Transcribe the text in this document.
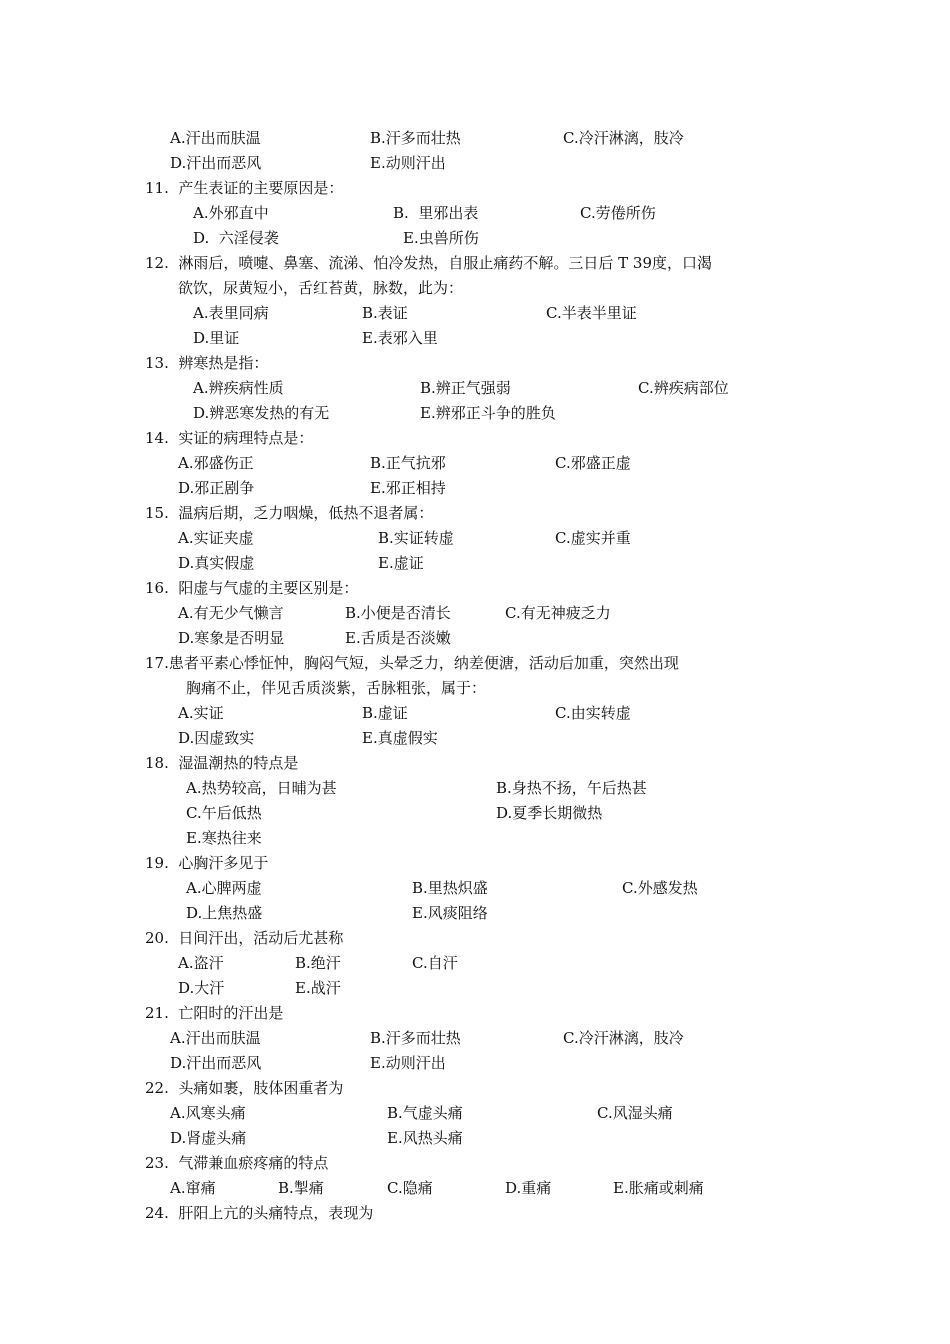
A.汗出而肤温	B.汗多而壮热	C.冷汗淋漓，肢冷
D.汗出而恶风	E.动则汗出
11.  产生表证的主要原因是：
A.外邪直中	B.  里邪出表	C.劳倦所伤
D.  六淫侵袭	E.虫兽所伤
12.  淋雨后，喷嚏、鼻塞、流涕、怕冷发热，自服止痛药不解。三日后 T 39度，口渴
欲饮，尿黄短小，舌红苔黄，脉数，此为：
A.表里同病	B.表证	C.半表半里证
D.里证	E.表邪入里
13.  辨寒热是指：
A.辨疾病性质	B.辨正气强弱	C.辨疾病部位
D.辨恶寒发热的有无	E.辨邪正斗争的胜负
14.  实证的病理特点是：
A.邪盛伤正	B.正气抗邪	C.邪盛正虚
D.邪正剧争	E.邪正相持
15.  温病后期，乏力咽燥，低热不退者属：
A.实证夹虚	B.实证转虚	C.虚实并重
D.真实假虚	E.虚证
16.  阳虚与气虚的主要区别是：
A.有无少气懒言	B.小便是否清长	C.有无神疲乏力
D.寒象是否明显	E.舌质是否淡嫩
17.患者平素心悸怔忡，胸闷气短，头晕乏力，纳差便溏，活动后加重，突然出现
胸痛不止，伴见舌质淡紫，舌脉粗张，属于：
A.实证	B.虚证	C.由实转虚
D.因虚致实	E.真虚假实
18.  湿温潮热的特点是
A.热势较高，日晡为甚	B.身热不扬，午后热甚
C.午后低热	D.夏季长期微热
E.寒热往来
19.  心胸汗多见于
A.心脾两虚	B.里热炽盛	C.外感发热
D.上焦热盛	E.风痰阻络
20.  日间汗出，活动后尤甚称
A.盗汗	B.绝汗	C.自汗
D.大汗	E.战汗
21.  亡阳时的汗出是
A.汗出而肤温	B.汗多而壮热	C.冷汗淋漓，肢冷
D.汗出而恶风	E.动则汗出
22.  头痛如裹，肢体困重者为
A.风寒头痛	B.气虚头痛	C.风湿头痛
D.肾虚头痛	E.风热头痛
23.  气滞兼血瘀疼痛的特点
A.窜痛	B.掣痛	C.隐痛	D.重痛	E.胀痛或刺痛
24.  肝阳上亢的头痛特点，表现为
